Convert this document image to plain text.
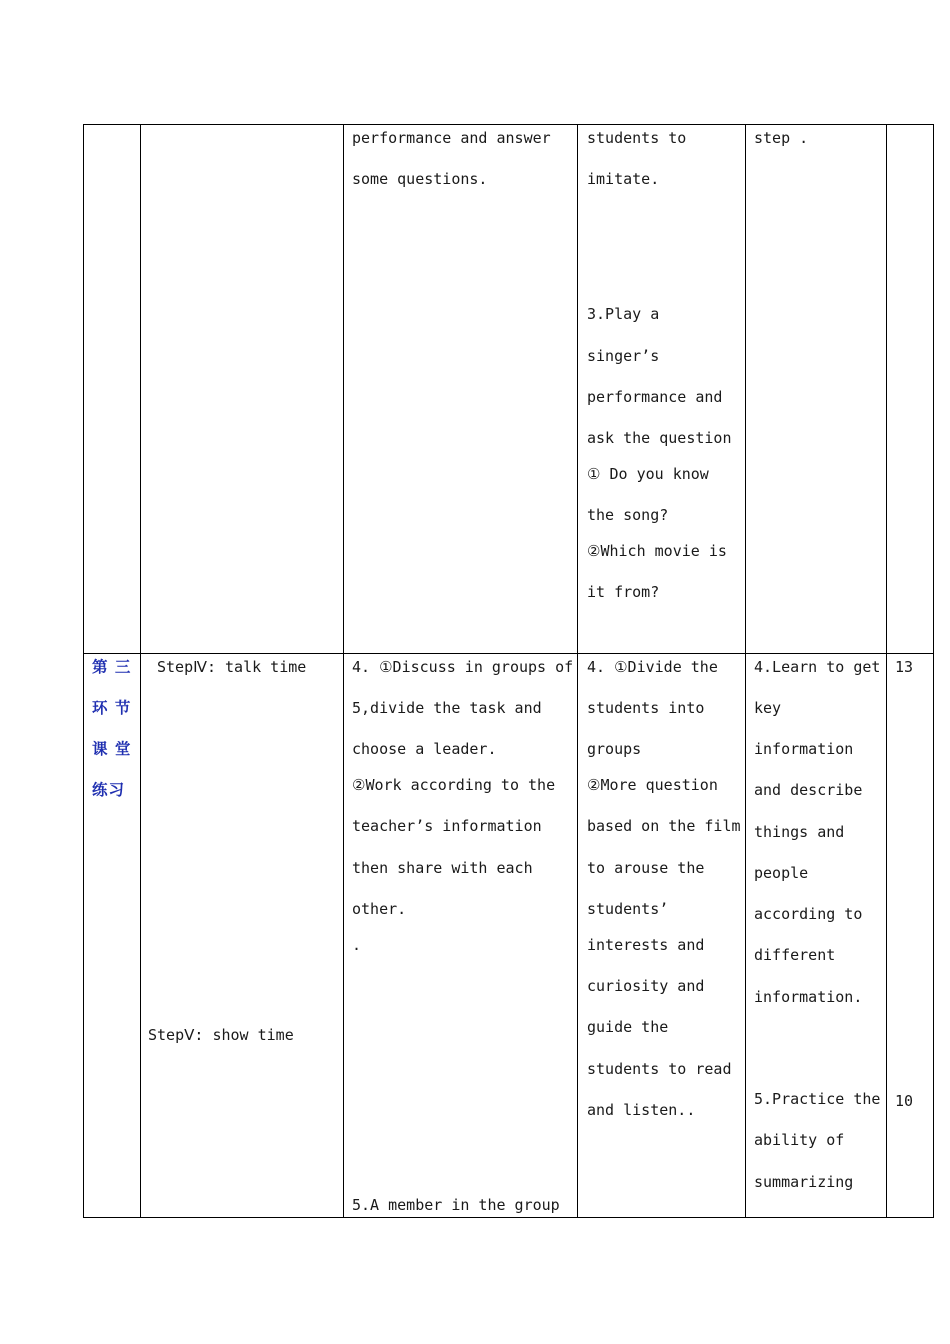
performance and answer
some questions.
students to
imitate.
3.Play a
singer’s
performance and
ask the question
① Do you know
the song?
②Which movie is
it from?
step .
第 三
环 节
课 堂
练习
StepⅣ: talk time
StepⅤ: show time
4. ①Discuss in groups of
5,divide the task and
choose a leader.
②Work according to the
teacher’s information
then share with each
other.
.
5.A member in the group
4. ①Divide the
students into
groups
②More question
based on the film
to arouse the
students’
interests and
curiosity and
guide the
students to read
and listen..
4.Learn to get
key
information
and describe
things and
people
according to
different
information.
5.Practice the
ability of
summarizing
13
10
